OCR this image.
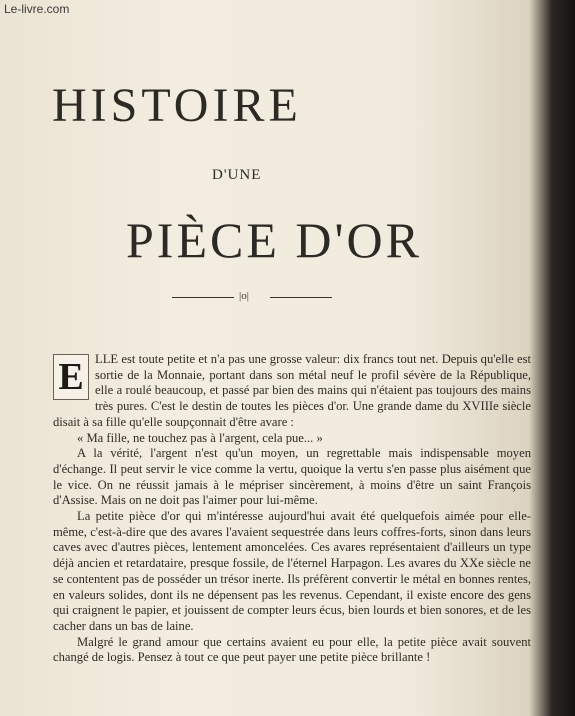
Le-livre.com
HISTOIRE
D'UNE
PIÈCE D'OR
|o|

E LLE est toute petite et n'a pas une grosse valeur: dix francs tout net. Depuis qu'elle est sortie de la Monnaie, portant dans son métal neuf le profil sévère de la République, elle a roulé beaucoup, et passé par bien des mains qui n'étaient pas toujours des mains très pures. C'est le destin de toutes les pièces d'or. Une grande dame du XVIIIe siècle disait à sa fille qu'elle soupçonnait d'être avare :

« Ma fille, ne touchez pas à l'argent, cela pue... »

A la vérité, l'argent n'est qu'un moyen, un regrettable mais indispensable moyen d'échange. Il peut servir le vice comme la vertu, quoique la vertu s'en passe plus aisément que le vice. On ne réussit jamais à le mépriser sincèrement, à moins d'être un saint François d'Assise. Mais on ne doit pas l'aimer pour lui-même.

La petite pièce d'or qui m'intéresse aujourd'hui avait été quelquefois aimée pour elle-même, c'est-à-dire que des avares l'avaient sequestrée dans leurs coffres-forts, sinon dans leurs caves avec d'autres pièces, lentement amoncelées. Ces avares représentaient d'ailleurs un type déjà ancien et retardataire, presque fossile, de l'éternel Harpagon. Les avares du XXe siècle ne se contentent pas de posséder un trésor inerte. Ils préfèrent convertir le métal en bonnes rentes, en valeurs solides, dont ils ne dépensent pas les revenus. Cependant, il existe encore des gens qui craignent le papier, et jouissent de compter leurs écus, bien lourds et bien sonores, et de les cacher dans un bas de laine.

Malgré le grand amour que certains avaient eu pour elle, la petite pièce avait souvent changé de logis. Pensez à tout ce que peut payer une petite pièce brillante !
